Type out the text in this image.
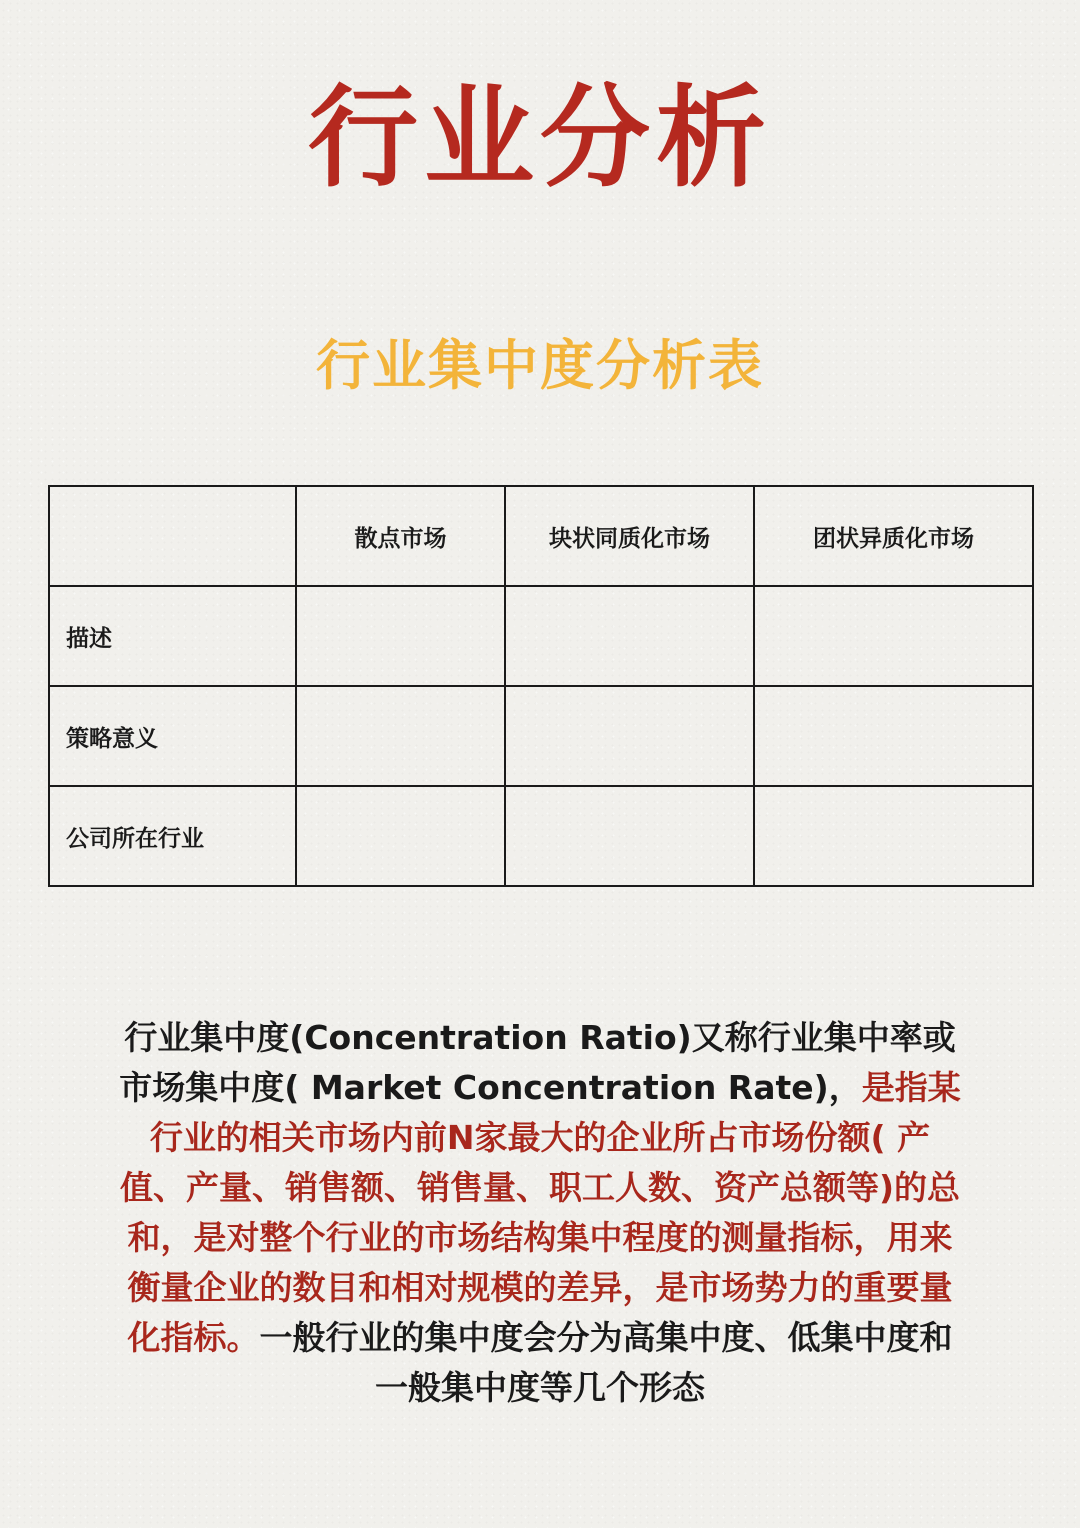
行业分析
行业集中度分析表
	散点市场	块状同质化市场	团状异质化市场
描述			
策略意义			
公司所在行业			
行业集中度(Concentration Ratio)又称行业集中率或市场集中度( Market Concentration Rate)，是指某行业的相关市场内前N家最大的企业所占市场份额( 产值、产量、销售额、销售量、职工人数、资产总额等)的总和，是对整个行业的市场结构集中程度的测量指标，用来衡量企业的数目和相对规模的差异，是市场势力的重要量化指标。一般行业的集中度会分为高集中度、低集中度和一般集中度等几个形态
